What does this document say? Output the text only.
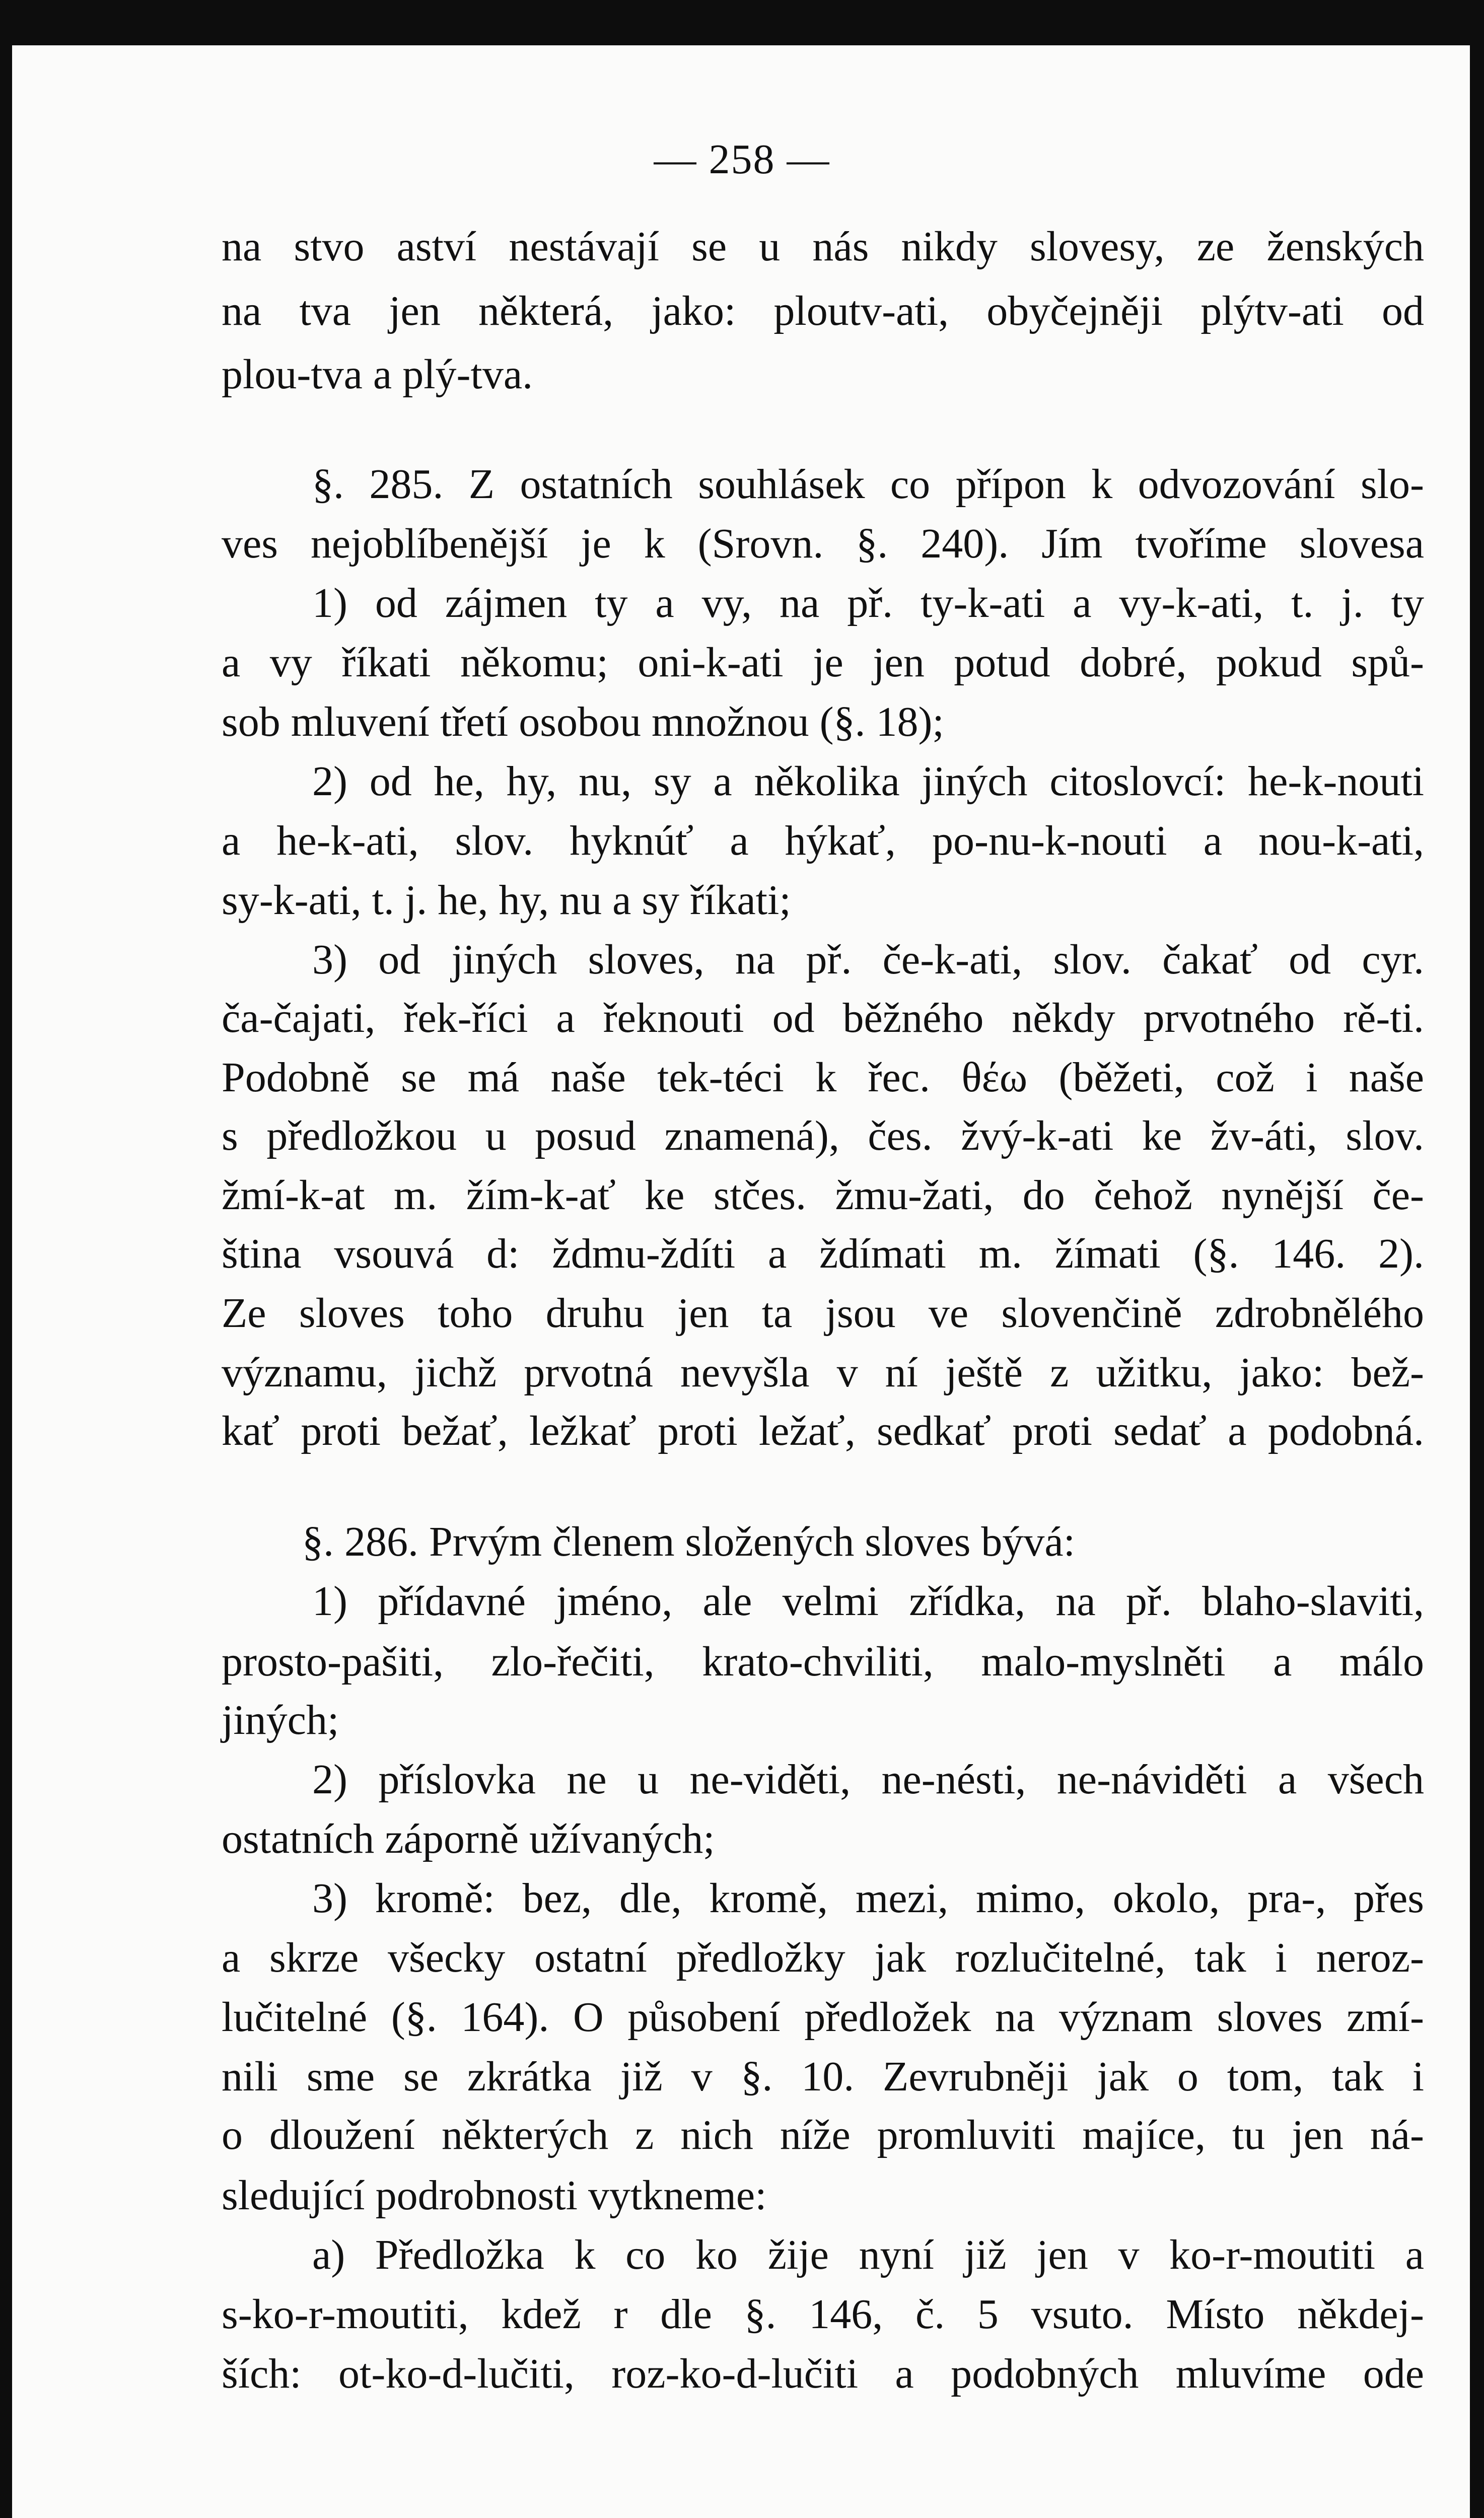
— 258 —
na stvo aství nestávají se u nás nikdy slovesy, ze ženských
na tva jen některá, jako: ploutv-ati, obyčejněji plýtv-ati od
plou-tva a plý-tva.
§. 285. Z ostatních souhlásek co přípon k odvozování slo-
ves nejoblíbenější je k (Srovn. §. 240). Jím tvoříme slovesa
1) od zájmen ty a vy, na př. ty-k-ati a vy-k-ati, t. j. ty
a vy říkati někomu; oni-k-ati je jen potud dobré, pokud spů-
sob mluvení třetí osobou množnou (§. 18);
2) od he, hy, nu, sy a několika jiných citoslovcí: he-k-nouti
a he-k-ati, slov. hyknúť a hýkať, po-nu-k-nouti a nou-k-ati,
sy-k-ati, t. j. he, hy, nu a sy říkati;
3) od jiných sloves, na př. če-k-ati, slov. čakať od cyr.
ča-čajati, řek-říci a řeknouti od běžného někdy prvotného rě-ti.
Podobně se má naše tek-téci k řec. θέω (běžeti, což i naše
s předložkou u posud znamená), čes. žvý-k-ati ke žv-áti, slov.
žmí-k-at m. žím-k-ať ke stčes. žmu-žati, do čehož nynější če-
ština vsouvá d: ždmu-ždíti a ždímati m. žímati (§. 146. 2).
Ze sloves toho druhu jen ta jsou ve slovenčině zdrobnělého
významu, jichž prvotná nevyšla v ní ještě z užitku, jako: bež-
kať proti bežať, ležkať proti ležať, sedkať proti sedať a podobná.
§. 286. Prvým členem složených sloves bývá:
1) přídavné jméno, ale velmi zřídka, na př. blaho-slaviti,
prosto-pašiti, zlo-řečiti, krato-chviliti, malo-myslněti a málo
jiných;
2) příslovka ne u ne-viděti, ne-nésti, ne-náviděti a všech
ostatních záporně užívaných;
3) kromě: bez, dle, kromě, mezi, mimo, okolo, pra-, přes
a skrze všecky ostatní předložky jak rozlučitelné, tak i neroz-
lučitelné (§. 164). O působení předložek na význam sloves zmí-
nili sme se zkrátka již v §. 10. Zevrubněji jak o tom, tak i
o dloužení některých z nich níže promluviti majíce, tu jen ná-
sledující podrobnosti vytkneme:
a) Předložka k co ko žije nyní již jen v ko-r-moutiti a
s-ko-r-moutiti, kdež r dle §. 146, č. 5 vsuto. Místo někdej-
ších: ot-ko-d-lučiti, roz-ko-d-lučiti a podobných mluvíme ode
